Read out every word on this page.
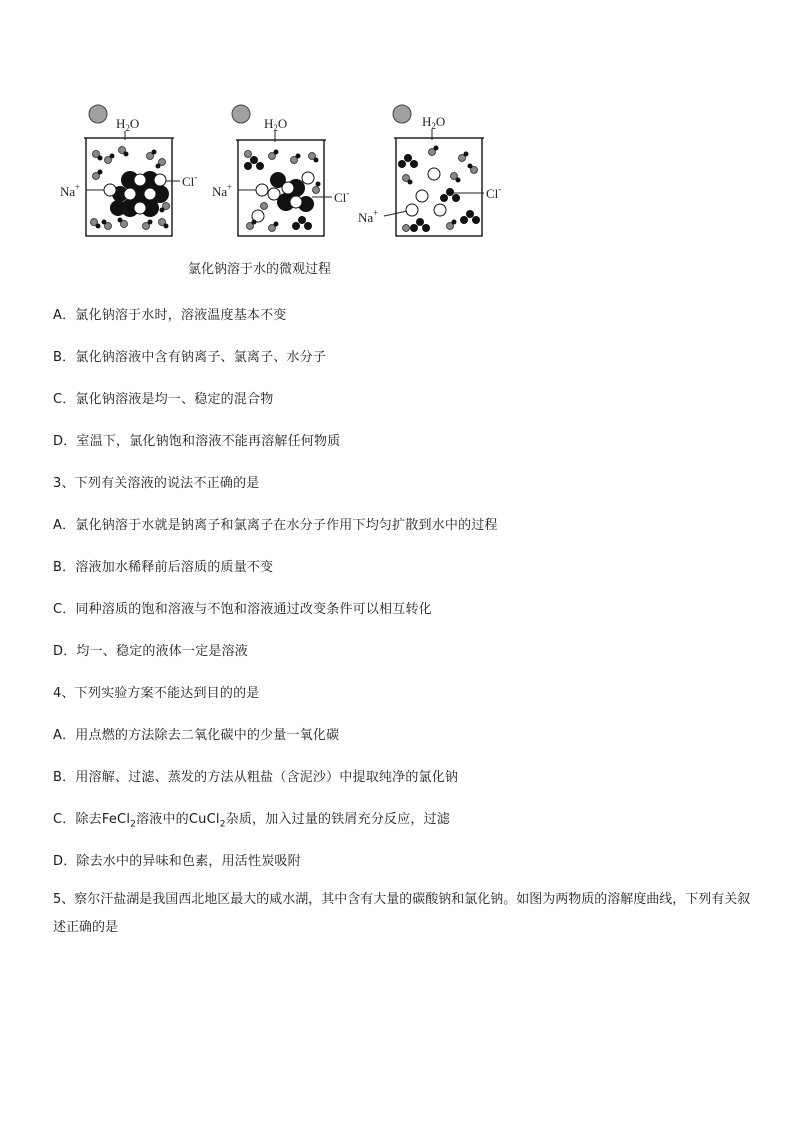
$H_2O$
Na+	Cl-
$H_2O$
Na+
Cl-
$H_2O$
Na+
Cl-
氯化钠溶于水的微观过程
A．氯化钠溶于水时，溶液温度基本不变
B．氯化钠溶液中含有钠离子、氯离子、水分子
C．氯化钠溶液是均一、稳定的混合物
D．室温下，氯化钠饱和溶液不能再溶解任何物质
3、下列有关溶液的说法不正确的是
A．氯化钠溶于水就是钠离子和氯离子在水分子作用下均匀扩散到水中的过程
B．溶液加水稀释前后溶质的质量不变
C．同种溶质的饱和溶液与不饱和溶液通过改变条件可以相互转化
D．均一、稳定的液体一定是溶液
4、下列实验方案不能达到目的的是
A．用点燃的方法除去二氧化碳中的少量一氧化碳
B．用溶解、过滤、蒸发的方法从粗盐（含泥沙）中提取纯净的氯化钠
C．除去FeCl$_2$溶液中的CuCl$_2$杂质，加入过量的铁屑充分反应，过滤
D．除去水中的异味和色素，用活性炭吸附
5、察尔汗盐湖是我国西北地区最大的咸水湖，其中含有大量的碳酸钠和氯化钠。如图为两物质的溶解度曲线，下列有关叙述正确的是
